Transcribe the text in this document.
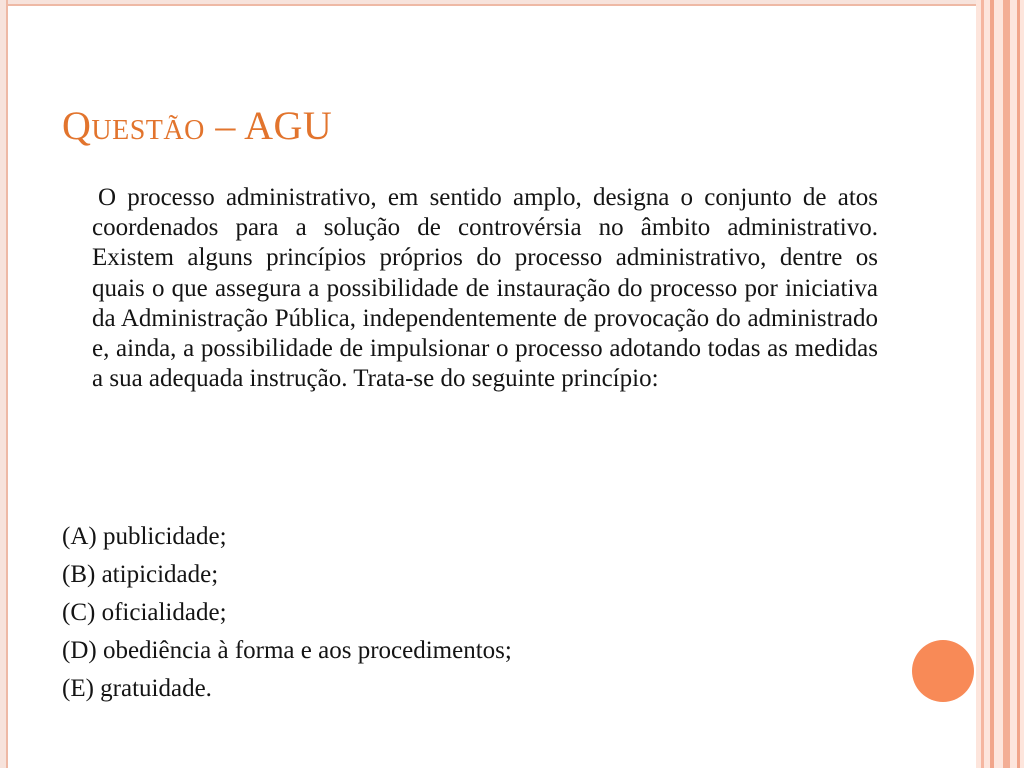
Questão – AGU

O processo administrativo, em sentido amplo, designa o conjunto de atos coordenados para a solução de controvérsia no âmbito administrativo. Existem alguns princípios próprios do processo administrativo, dentre os quais o que assegura a possibilidade de instauração do processo por iniciativa da Administração Pública, independentemente de provocação do administrado e, ainda, a possibilidade de impulsionar o processo adotando todas as medidas a sua adequada instrução. Trata-se do seguinte princípio:

(A) publicidade;
(B) atipicidade;
(C) oficialidade;
(D) obediência à forma e aos procedimentos;
(E) gratuidade.
